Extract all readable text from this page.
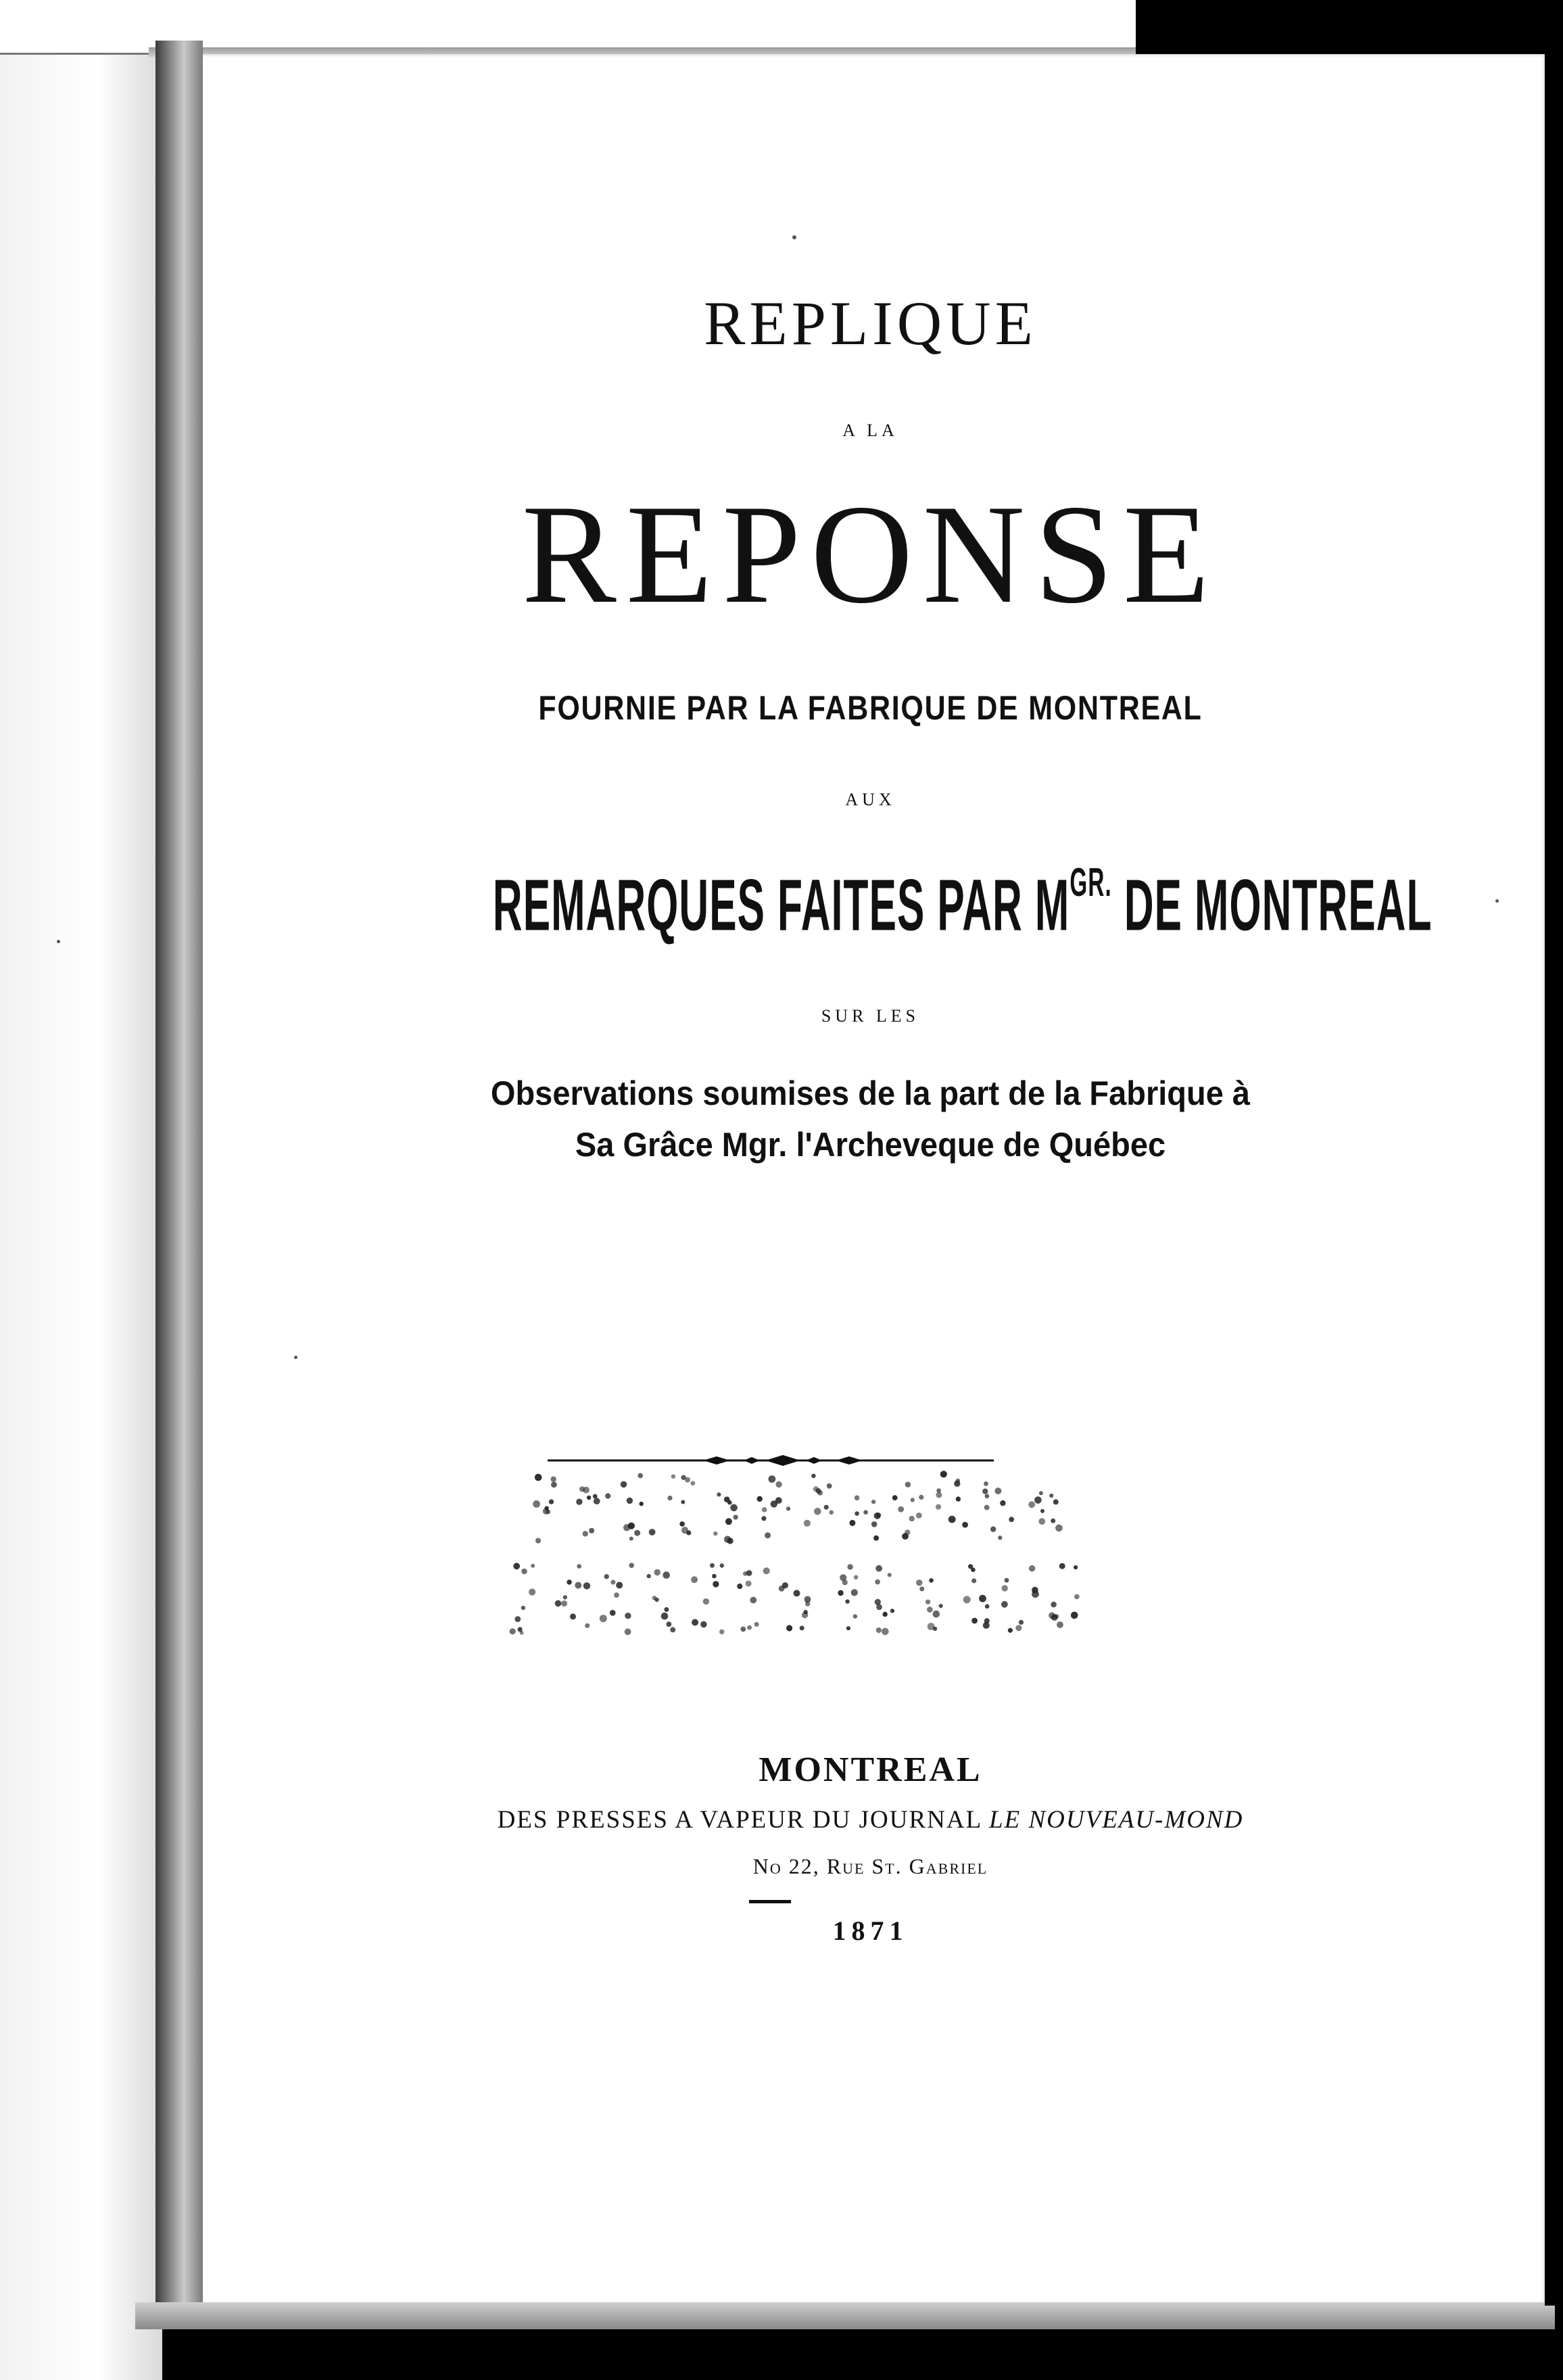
REPLIQUE
A LA
REPONSE
FOURNIE PAR LA FABRIQUE DE MONTREAL
AUX
REMARQUES FAITES PAR $M^{GR.}$ DE MONTREAL
SUR LES
Observations soumises de la part de la Fabrique à
Sa Grâce Mgr. l'Archeveque de Québec
MONTREAL
DES PRESSES A VAPEUR DU JOURNAL LE NOUVEAU-MOND
No 22, Rue St. Gabriel
1871
